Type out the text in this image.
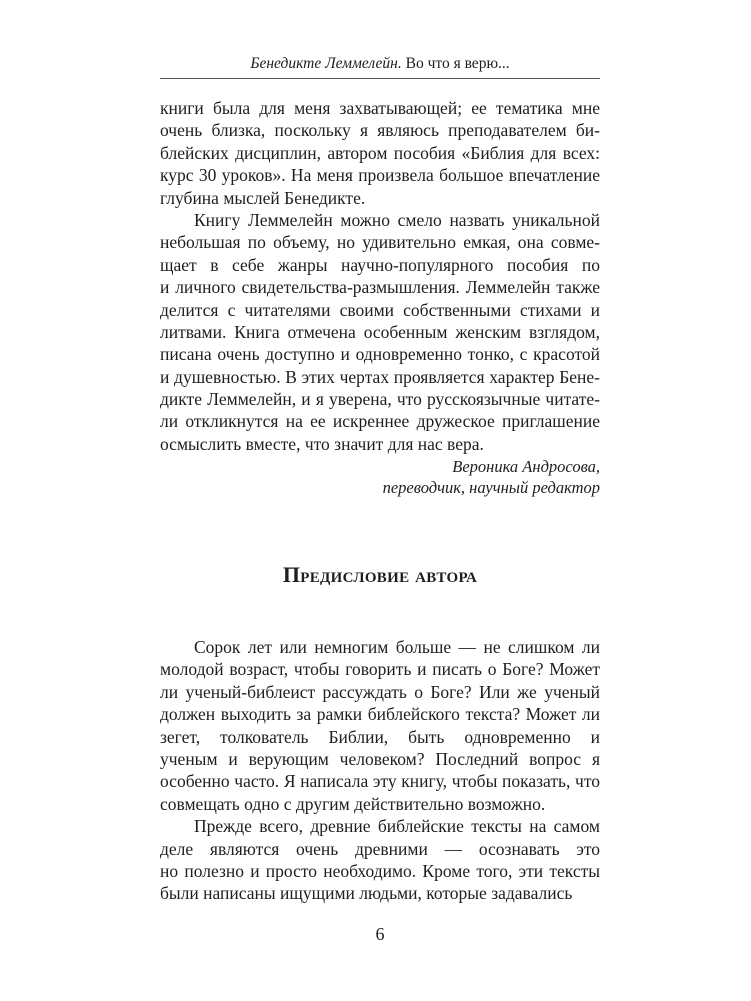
Бенедикте Леммелейн. Во что я верю...
книги была для меня захватывающей; ее тематика мне
очень близка, поскольку я являюсь преподавателем би-
блейских дисциплин, автором пособия «Библия для всех:
курс 30 уроков». На меня произвела большое впечатление
глубина мыслей Бенедикте.
Книгу Леммелейн можно смело назвать уникальной
небольшая по объему, но удивительно емкая, она совме-
щает в себе жанры научно-популярного пособия по
и личного свидетельства-размышления. Леммелейн также
делится с читателями своими собственными стихами и
литвами. Книга отмечена особенным женским взглядом,
писана очень доступно и одновременно тонко, с красотой
и душевностью. В этих чертах проявляется характер Бене-
дикте Леммелейн, и я уверена, что русскоязычные читате-
ли откликнутся на ее искреннее дружеское приглашение
осмыслить вместе, что значит для нас вера.
Вероника Андросова,
переводчик, научный редактор
Предисловие автора
Сорок лет или немногим больше — не слишком ли
молодой возраст, чтобы говорить и писать о Боге? Может
ли ученый-библеист рассуждать о Боге? Или же ученый
должен выходить за рамки библейского текста? Может ли
зегет, толкователь Библии, быть одновременно и
ученым и верующим человеком? Последний вопрос я
особенно часто. Я написала эту книгу, чтобы показать, что
совмещать одно с другим действительно возможно.
Прежде всего, древние библейские тексты на самом
деле являются очень древними — осознавать это
но полезно и просто необходимо. Кроме того, эти тексты
были написаны ищущими людьми, которые задавались
6
